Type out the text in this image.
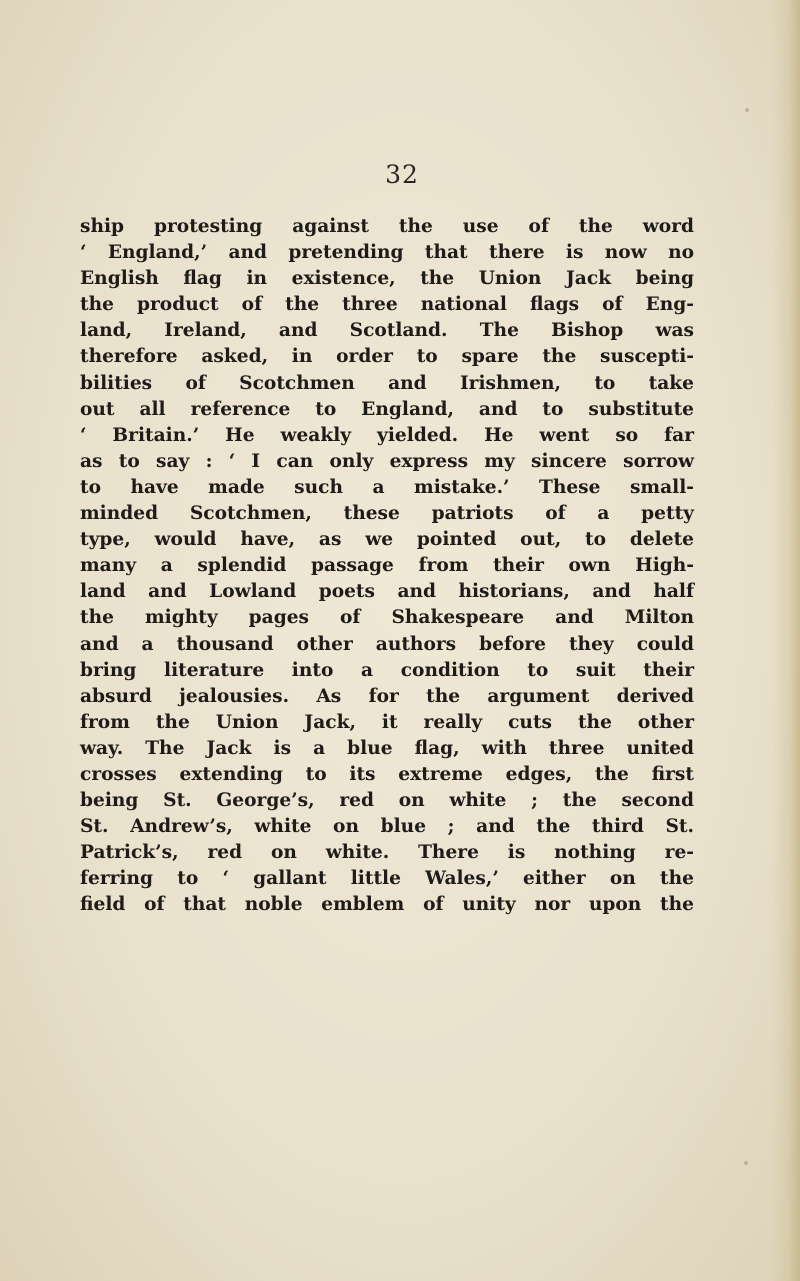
32
ship protesting against the use of the word
‘ England,’ and pretending that there is now no
English flag in existence, the Union Jack being
the product of the three national flags of Eng-
land, Ireland, and Scotland. The Bishop was
therefore asked, in order to spare the suscepti-
bilities of Scotchmen and Irishmen, to take
out all reference to England, and to substitute
‘ Britain.’ He weakly yielded. He went so far
as to say : ‘ I can only express my sincere sorrow
to have made such a mistake.’ These small-
minded Scotchmen, these patriots of a petty
type, would have, as we pointed out, to delete
many a splendid passage from their own High-
land and Lowland poets and historians, and half
the mighty pages of Shakespeare and Milton
and a thousand other authors before they could
bring literature into a condition to suit their
absurd jealousies. As for the argument derived
from the Union Jack, it really cuts the other
way. The Jack is a blue flag, with three united
crosses extending to its extreme edges, the first
being St. George’s, red on white ; the second
St. Andrew’s, white on blue ; and the third St.
Patrick’s, red on white. There is nothing re-
ferring to ‘ gallant little Wales,’ either on the
field of that noble emblem of unity nor upon the
